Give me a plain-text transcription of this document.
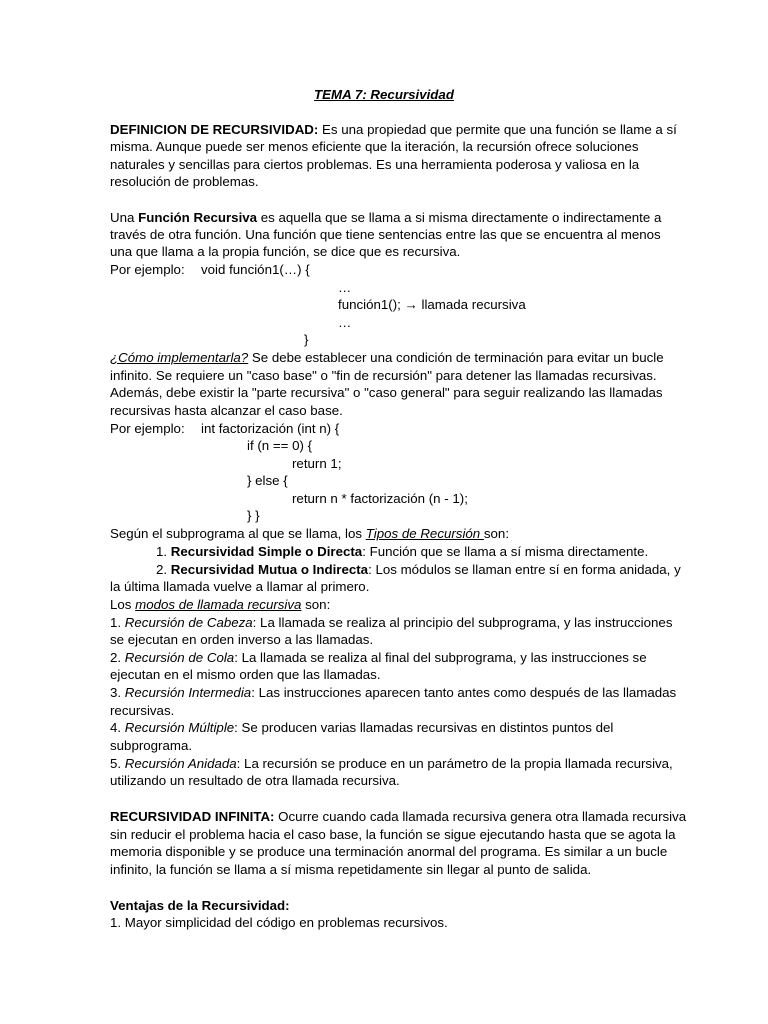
TEMA 7: Recursividad
DEFINICION DE RECURSIVIDAD: Es una propiedad que permite que una función se llame a sí
misma. Aunque puede ser menos eficiente que la iteración, la recursión ofrece soluciones
naturales y sencillas para ciertos problemas. Es una herramienta poderosa y valiosa en la
resolución de problemas.
Una Función Recursiva es aquella que se llama a si misma directamente o indirectamente a
través de otra función. Una función que tiene sentencias entre las que se encuentra al menos
una que llama a la propia función, se dice que es recursiva.
Por ejemplo: void función1(…) {
…
función1(); → llamada recursiva
…
}
¿Cómo implementarla? Se debe establecer una condición de terminación para evitar un bucle
infinito. Se requiere un "caso base" o "fin de recursión" para detener las llamadas recursivas.
Además, debe existir la "parte recursiva" o "caso general" para seguir realizando las llamadas
recursivas hasta alcanzar el caso base.
Por ejemplo: int factorización (int n) {
if (n == 0) {
return 1;
} else {
return n * factorización (n - 1);
} }
Según el subprograma al que se llama, los Tipos de Recursión son:
1. Recursividad Simple o Directa: Función que se llama a sí misma directamente.
2. Recursividad Mutua o Indirecta: Los módulos se llaman entre sí en forma anidada, y
la última llamada vuelve a llamar al primero.
Los modos de llamada recursiva son:
1. Recursión de Cabeza: La llamada se realiza al principio del subprograma, y las instrucciones
se ejecutan en orden inverso a las llamadas.
2. Recursión de Cola: La llamada se realiza al final del subprograma, y las instrucciones se
ejecutan en el mismo orden que las llamadas.
3. Recursión Intermedia: Las instrucciones aparecen tanto antes como después de las llamadas
recursivas.
4. Recursión Múltiple: Se producen varias llamadas recursivas en distintos puntos del
subprograma.
5. Recursión Anidada: La recursión se produce en un parámetro de la propia llamada recursiva,
utilizando un resultado de otra llamada recursiva.
RECURSIVIDAD INFINITA: Ocurre cuando cada llamada recursiva genera otra llamada recursiva
sin reducir el problema hacia el caso base, la función se sigue ejecutando hasta que se agota la
memoria disponible y se produce una terminación anormal del programa. Es similar a un bucle
infinito, la función se llama a sí misma repetidamente sin llegar al punto de salida.
Ventajas de la Recursividad:
1. Mayor simplicidad del código en problemas recursivos.
